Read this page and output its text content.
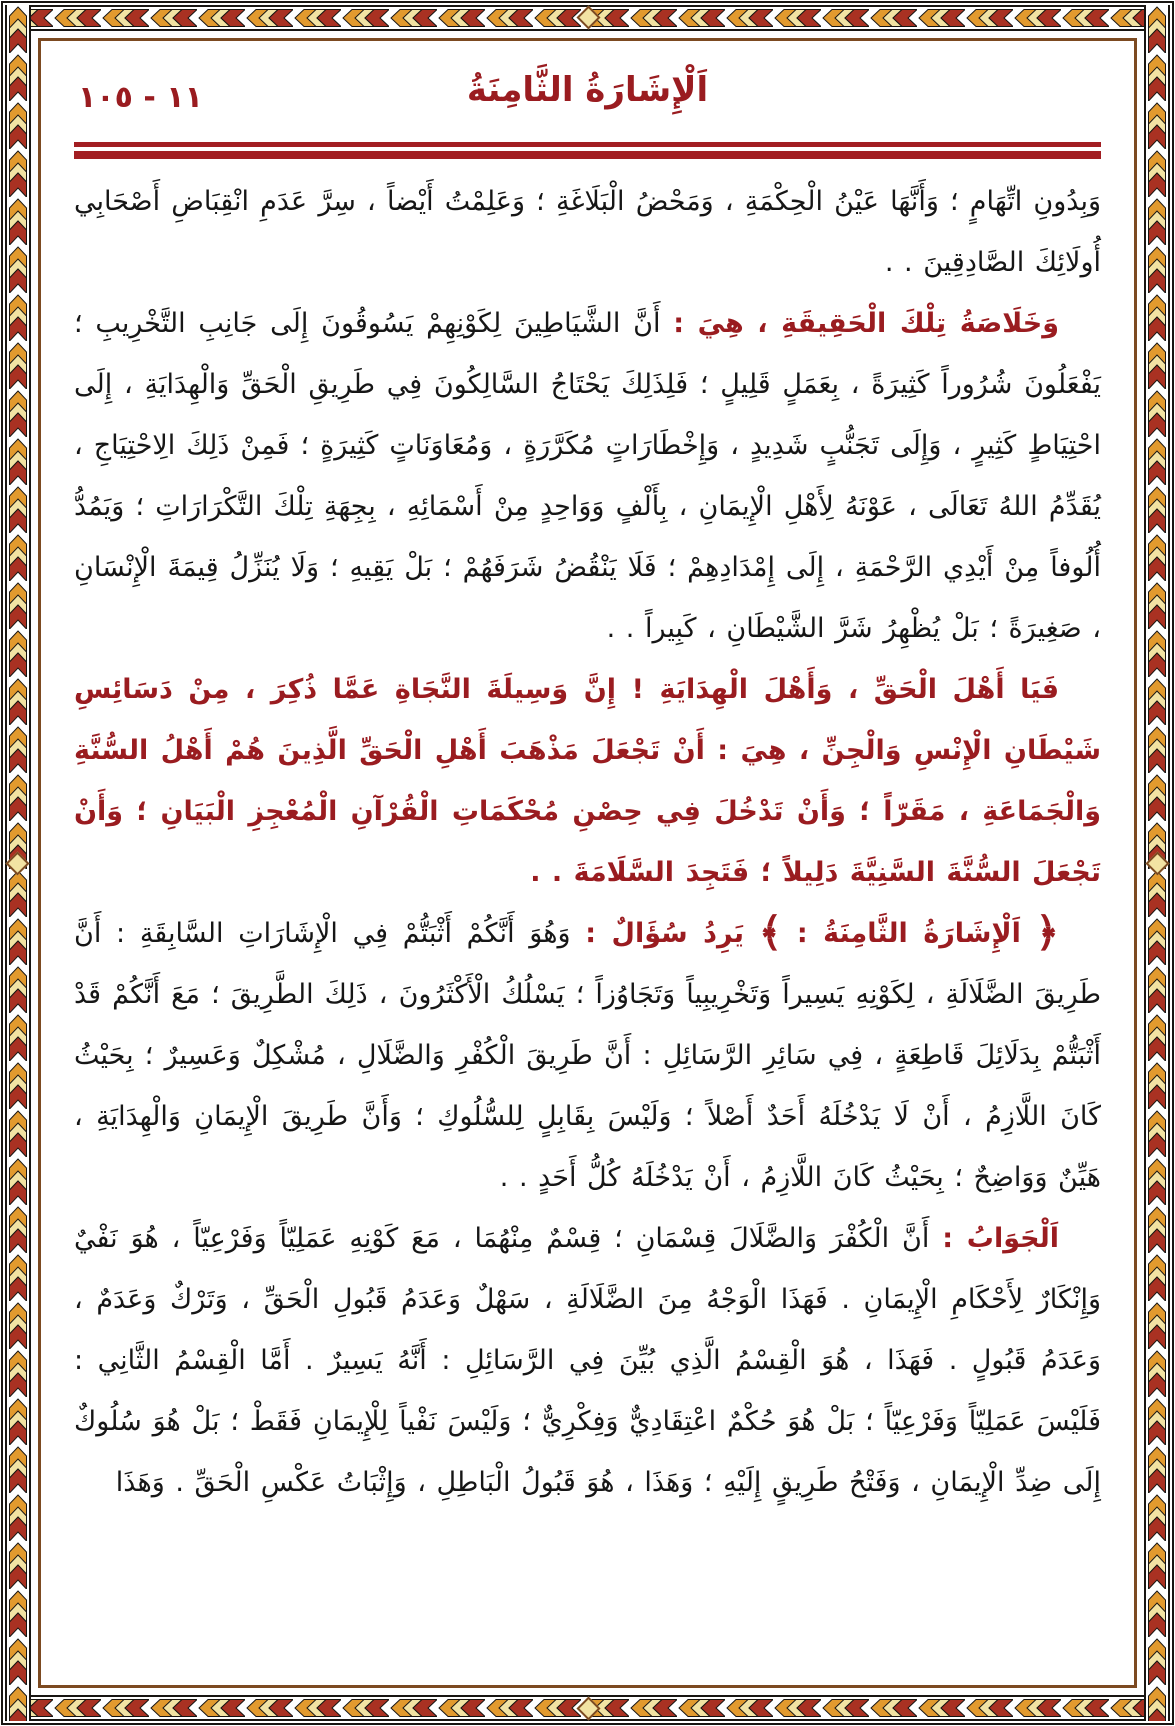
١١ - ١٠٥	اَلْإِشَارَةُ الثَّامِنَةُ

وَبِدُونِ اتِّهَامٍ ؛ وَأَنَّهَا عَيْنُ الْحِكْمَةِ ، وَمَحْضُ الْبَلَاغَةِ ؛ وَعَلِمْتُ أَيْضاً ، سِرَّ عَدَمِ انْقِبَاضِ أَصْحَابِي أُولَائِكَ الصَّادِقِينَ . .

وَخَلَاصَةُ تِلْكَ الْحَقِيقَةِ ، هِيَ : أَنَّ الشَّيَاطِينَ لِكَوْنِهِمْ يَسُوقُونَ إِلَى جَانِبِ التَّخْرِيبِ ؛ يَفْعَلُونَ شُرُوراً كَثِيرَةً ، بِعَمَلٍ قَلِيلٍ ؛ فَلِذَلِكَ يَحْتَاجُ السَّالِكُونَ فِي طَرِيقِ الْحَقِّ وَالْهِدَايَةِ ، إِلَى احْتِيَاطٍ كَثِيرٍ ، وَإِلَى تَجَنُّبٍ شَدِيدٍ ، وَإِخْطَارَاتٍ مُكَرَّرَةٍ ، وَمُعَاوَنَاتٍ كَثِيرَةٍ ؛ فَمِنْ ذَلِكَ الِاحْتِيَاجِ ، يُقَدِّمُ اللهُ تَعَالَى ، عَوْنَهُ لِأَهْلِ الْإِيمَانِ ، بِأَلْفٍ وَوَاحِدٍ مِنْ أَسْمَائِهِ ، بِجِهَةِ تِلْكَ التَّكْرَارَاتِ ؛ وَيَمُدُّ أُلُوفاً مِنْ أَيْدِي الرَّحْمَةِ ، إِلَى إِمْدَادِهِمْ ؛ فَلَا يَنْقُضُ شَرَفَهُمْ ؛ بَلْ يَقِيهِ ؛ وَلَا يُنَزِّلُ قِيمَةَ الْإِنْسَانِ ، صَغِيرَةً ؛ بَلْ يُظْهِرُ شَرَّ الشَّيْطَانِ ، كَبِيراً . .

فَيَا أَهْلَ الْحَقِّ ، وَأَهْلَ الْهِدَايَةِ ! إِنَّ وَسِيلَةَ النَّجَاةِ عَمَّا ذُكِرَ ، مِنْ دَسَائِسِ شَيْطَانِ الْإِنْسِ وَالْجِنِّ ، هِيَ : أَنْ تَجْعَلَ مَذْهَبَ أَهْلِ الْحَقِّ الَّذِينَ هُمْ أَهْلُ السُّنَّةِ وَالْجَمَاعَةِ ، مَقَرّاً ؛ وَأَنْ تَدْخُلَ فِي حِصْنِ مُحْكَمَاتِ الْقُرْآنِ الْمُعْجِزِ الْبَيَانِ ؛ وَأَنْ تَجْعَلَ السُّنَّةَ السَّنِيَّةَ دَلِيلاً ؛ فَتَجِدَ السَّلَامَةَ . .

﴿ اَلْإِشَارَةُ الثَّامِنَةُ : ﴾ يَرِدُ سُؤَالٌ : وَهُوَ أَنَّكُمْ أَثْبَتُّمْ فِي الْإِشَارَاتِ السَّابِقَةِ : أَنَّ طَرِيقَ الضَّلَالَةِ ، لِكَوْنِهِ يَسِيراً وَتَخْرِيبِياً وَتَجَاوُزاً ؛ يَسْلُكُ الْأَكْثَرُونَ ، ذَلِكَ الطَّرِيقَ ؛ مَعَ أَنَّكُمْ قَدْ أَثْبَتُّمْ بِدَلَائِلَ قَاطِعَةٍ ، فِي سَائِرِ الرَّسَائِلِ : أَنَّ طَرِيقَ الْكُفْرِ وَالضَّلَالِ ، مُشْكِلٌ وَعَسِيرٌ ؛ بِحَيْثُ كَانَ اللَّازِمُ ، أَنْ لَا يَدْخُلَهُ أَحَدٌ أَصْلاً ؛ وَلَيْسَ بِقَابِلٍ لِلسُّلُوكِ ؛ وَأَنَّ طَرِيقَ الْإِيمَانِ وَالْهِدَايَةِ ، هَيِّنٌ وَوَاضِحٌ ؛ بِحَيْثُ كَانَ اللَّازِمُ ، أَنْ يَدْخُلَهُ كُلُّ أَحَدٍ . .

اَلْجَوَابُ : أَنَّ الْكُفْرَ وَالضَّلَالَ قِسْمَانِ ؛ قِسْمٌ مِنْهُمَا ، مَعَ كَوْنِهِ عَمَلِيّاً وَفَرْعِيّاً ، هُوَ نَفْيٌ وَإِنْكَارٌ لِأَحْكَامِ الْإِيمَانِ . فَهَذَا الْوَجْهُ مِنَ الضَّلَالَةِ ، سَهْلٌ وَعَدَمُ قَبُولِ الْحَقِّ ، وَتَرْكٌ وَعَدَمٌ ، وَعَدَمُ قَبُولٍ . فَهَذَا ، هُوَ الْقِسْمُ الَّذِي بُيِّنَ فِي الرَّسَائِلِ : أَنَّهُ يَسِيرٌ . أَمَّا الْقِسْمُ الثَّانِي : فَلَيْسَ عَمَلِيّاً وَفَرْعِيّاً ؛ بَلْ هُوَ حُكْمٌ اعْتِقَادِيٌّ وَفِكْرِيٌّ ؛ وَلَيْسَ نَفْياً لِلْإِيمَانِ فَقَطْ ؛ بَلْ هُوَ سُلُوكٌ إِلَى ضِدِّ الْإِيمَانِ ، وَفَتْحُ طَرِيقٍ إِلَيْهِ ؛ وَهَذَا ، هُوَ قَبُولُ الْبَاطِلِ ، وَإِثْبَاتُ عَكْسِ الْحَقِّ . وَهَذَا
